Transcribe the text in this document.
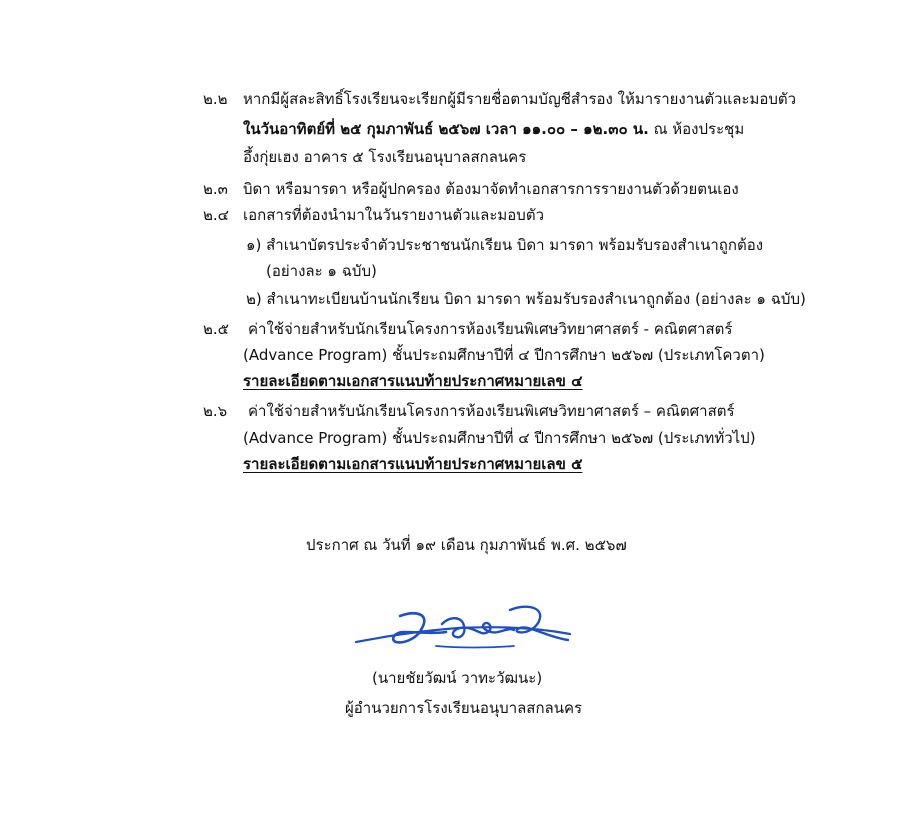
๒.๒ หากมีผู้สละสิทธิ์โรงเรียนจะเรียกผู้มีรายชื่อตามบัญชีสำรอง ให้มารายงานตัวและมอบตัว
ในวันอาทิตย์ที่ ๒๕ กุมภาพันธ์ ๒๕๖๗ เวลา ๑๑.๐๐ – ๑๒.๓๐ น. ณ ห้องประชุม
อึ้งกุ่ยเฮง อาคาร ๕ โรงเรียนอนุบาลสกลนคร
๒.๓ บิดา หรือมารดา หรือผู้ปกครอง ต้องมาจัดทำเอกสารการรายงานตัวด้วยตนเอง
๒.๔ เอกสารที่ต้องนำมาในวันรายงานตัวและมอบตัว
๑) สำเนาบัตรประจำตัวประชาชนนักเรียน บิดา มารดา พร้อมรับรองสำเนาถูกต้อง
(อย่างละ ๑ ฉบับ)
๒) สำเนาทะเบียนบ้านนักเรียน บิดา มารดา พร้อมรับรองสำเนาถูกต้อง (อย่างละ ๑ ฉบับ)
๒.๕ ค่าใช้จ่ายสำหรับนักเรียนโครงการห้องเรียนพิเศษวิทยาศาสตร์ - คณิตศาสตร์
(Advance Program) ชั้นประถมศึกษาปีที่ ๔ ปีการศึกษา ๒๕๖๗ (ประเภทโควตา)
รายละเอียดตามเอกสารแนบท้ายประกาศหมายเลข ๔
๒.๖ ค่าใช้จ่ายสำหรับนักเรียนโครงการห้องเรียนพิเศษวิทยาศาสตร์ – คณิตศาสตร์
(Advance Program) ชั้นประถมศึกษาปีที่ ๔ ปีการศึกษา ๒๕๖๗ (ประเภททั่วไป)
รายละเอียดตามเอกสารแนบท้ายประกาศหมายเลข ๕
ประกาศ ณ วันที่ ๑๙ เดือน กุมภาพันธ์ พ.ศ. ๒๕๖๗
(นายชัยวัฒน์ วาทะวัฒนะ)
ผู้อำนวยการโรงเรียนอนุบาลสกลนคร
